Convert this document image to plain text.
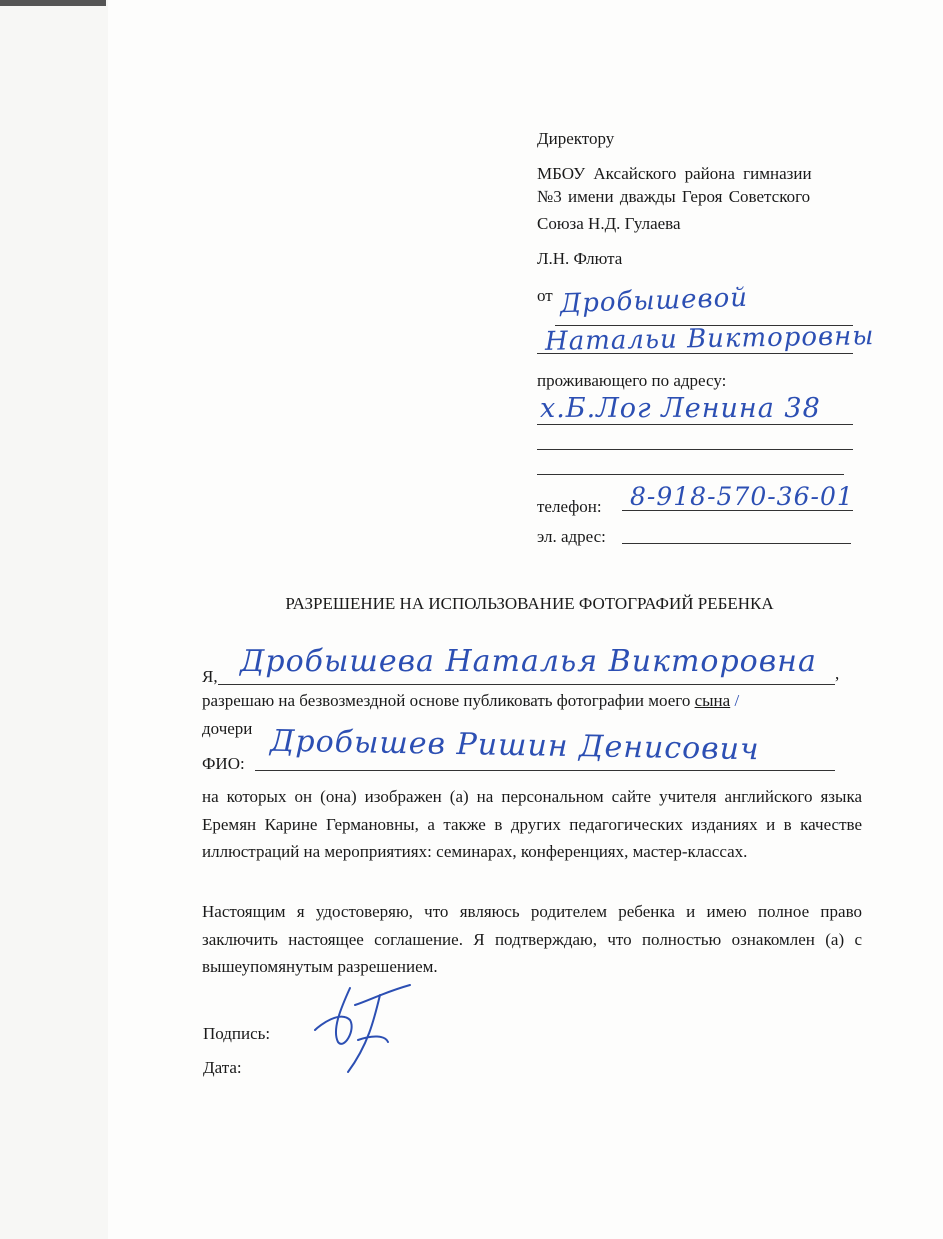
Директору
МБОУ Аксайского района гимназии
№3 имени дважды Героя Советского
Союза Н.Д. Гулаева
Л.Н. Флюта
от Дробышевой
Натальи Викторовны
проживающего по адресу:
х.Б.Лог Ленина 38
телефон: 8-918-570-36-01
эл. адрес:
РАЗРЕШЕНИЕ НА ИСПОЛЬЗОВАНИЕ ФОТОГРАФИЙ РЕБЕНКА
Я, Дробышева Наталья Викторовна ,
разрешаю на безвозмездной основе публиковать фотографии моего сына /
дочери
ФИО: Дробышев Ришин Денисович
на которых он (она) изображен (а) на персональном сайте учителя английского языка Еремян Карине Германовны, а также в других педагогических изданиях и в качестве иллюстраций на мероприятиях: семинарах, конференциях, мастер-классах.
Настоящим я удостоверяю, что являюсь родителем ребенка и имею полное право заключить настоящее соглашение. Я подтверждаю, что полностью ознакомлен (а) с вышеупомянутым разрешением.
Подпись:
Дата:
